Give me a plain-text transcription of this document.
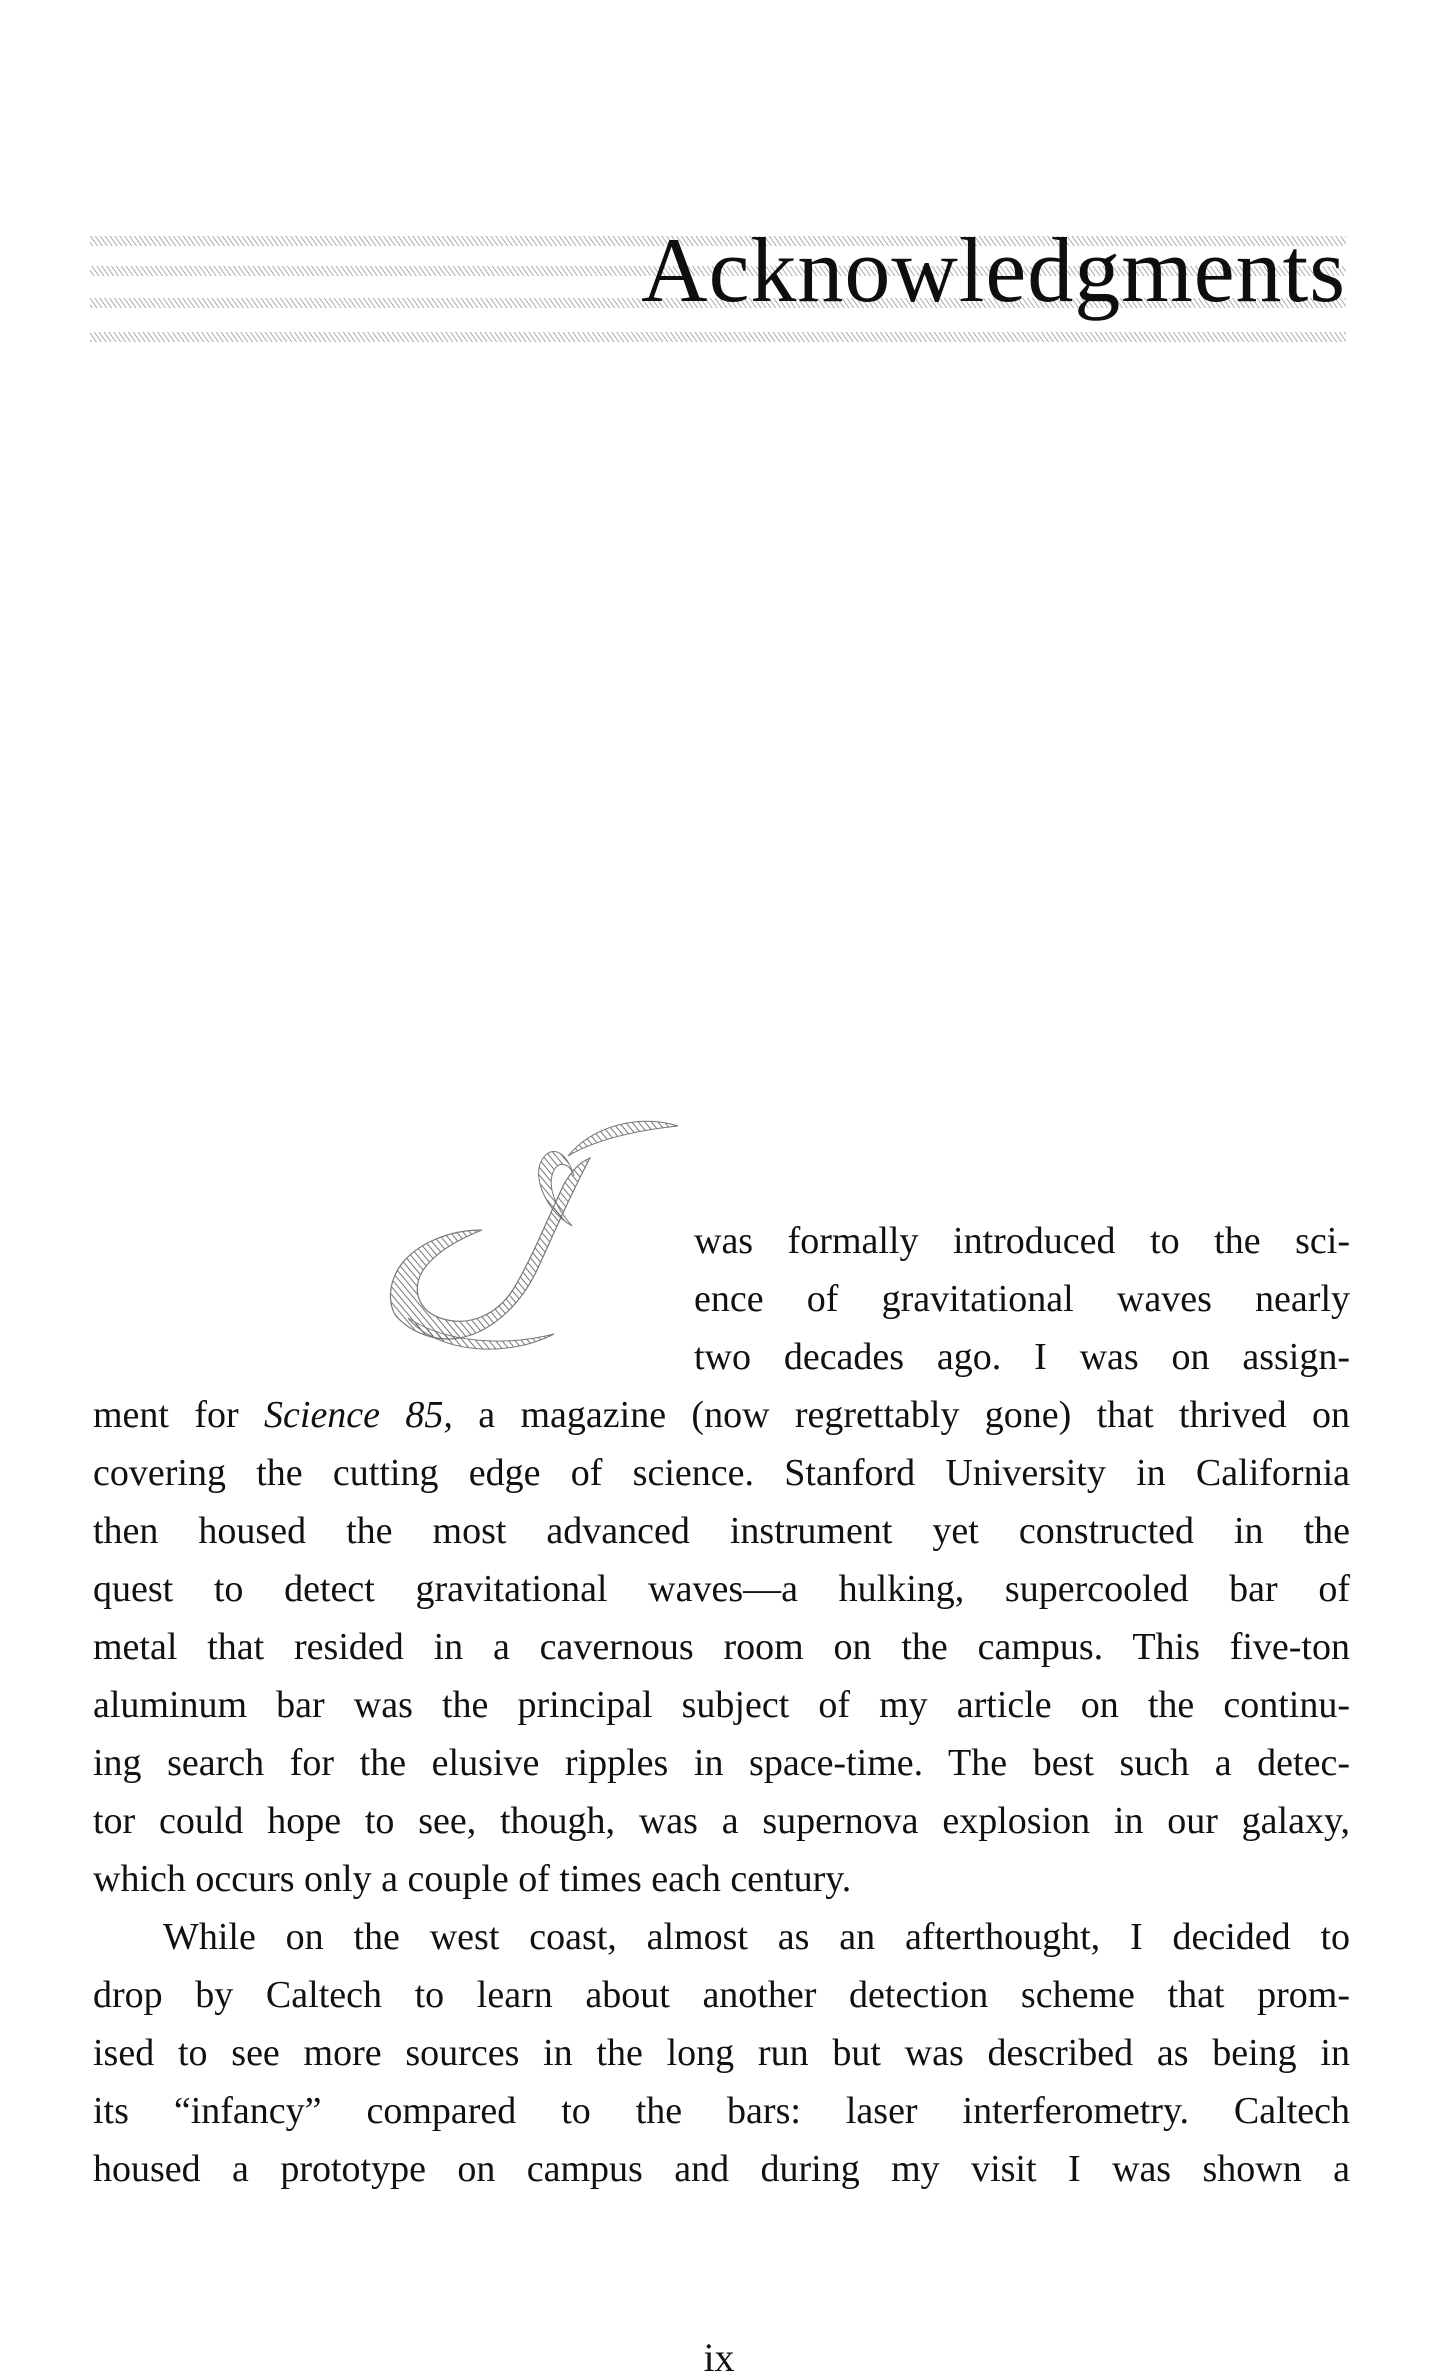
Acknowledgments
was formally introduced to the sci-
ence of gravitational waves nearly
two decades ago. I was on assign-
ment for Science 85, a magazine (now regrettably gone) that thrived on
covering the cutting edge of science. Stanford University in California
then housed the most advanced instrument yet constructed in the
quest to detect gravitational waves—a hulking, supercooled bar of
metal that resided in a cavernous room on the campus. This five-ton
aluminum bar was the principal subject of my article on the continu-
ing search for the elusive ripples in space-time. The best such a detec-
tor could hope to see, though, was a supernova explosion in our galaxy,
which occurs only a couple of times each century.
While on the west coast, almost as an afterthought, I decided to
drop by Caltech to learn about another detection scheme that prom-
ised to see more sources in the long run but was described as being in
its “infancy” compared to the bars: laser interferometry. Caltech
housed a prototype on campus and during my visit I was shown a
ix
